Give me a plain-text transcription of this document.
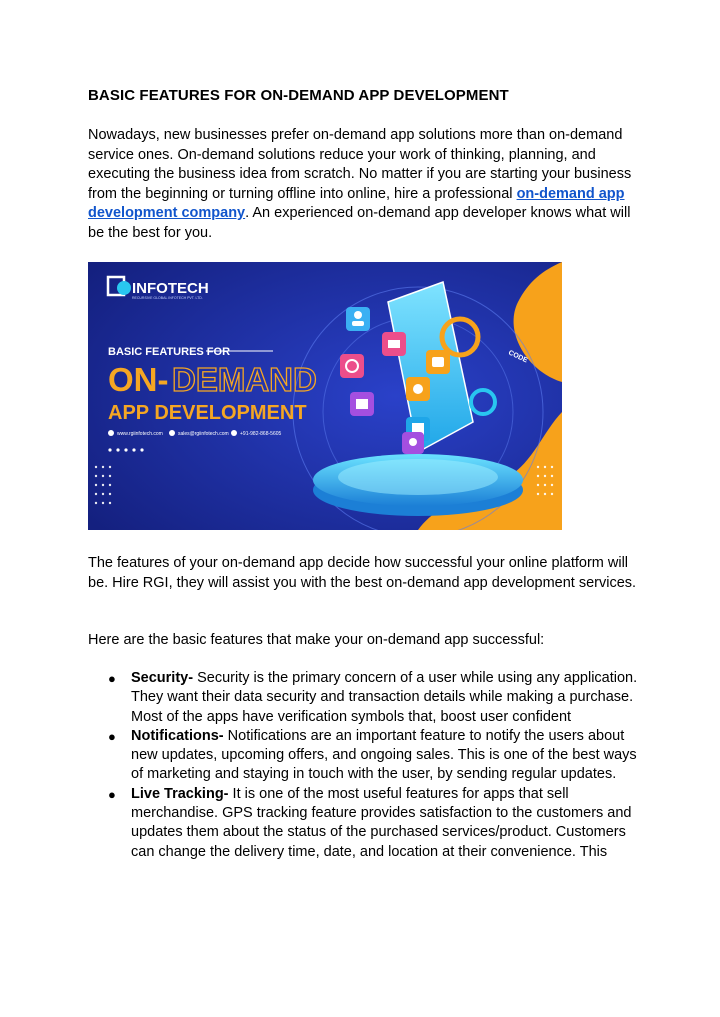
BASIC FEATURES FOR ON-DEMAND APP DEVELOPMENT
Nowadays, new businesses prefer on-demand app solutions more than on-demand service ones. On-demand solutions reduce your work of thinking, planning, and executing the business idea from scratch. No matter if you are starting your business from the beginning or turning offline into online, hire a professional on-demand app development company. An experienced on-demand app developer knows what will be the best for you.
INFOTECH
RECURSIVE GLOBAL INFOTECH PVT. LTD.
BASIC FEATURES FOR
ON- DEMAND
APP DEVELOPMENT
www.rgiinfotech.com	sales@rgiinfotech.com +91-982-868-5605
CODE
The features of your on-demand app decide how successful your online platform will be. Hire RGI, they will assist you with the best on-demand app development services.
Here are the basic features that make your on-demand app successful:
● Security- Security is the primary concern of a user while using any application. They want their data security and transaction details while making a purchase. Most of the apps have verification symbols that, boost user confident
● Notifications- Notifications are an important feature to notify the users about new updates, upcoming offers, and ongoing sales. This is one of the best ways of marketing and staying in touch with the user, by sending regular updates.
● Live Tracking- It is one of the most useful features for apps that sell merchandise. GPS tracking feature provides satisfaction to the customers and updates them about the status of the purchased services/product. Customers can change the delivery time, date, and location at their convenience. This
